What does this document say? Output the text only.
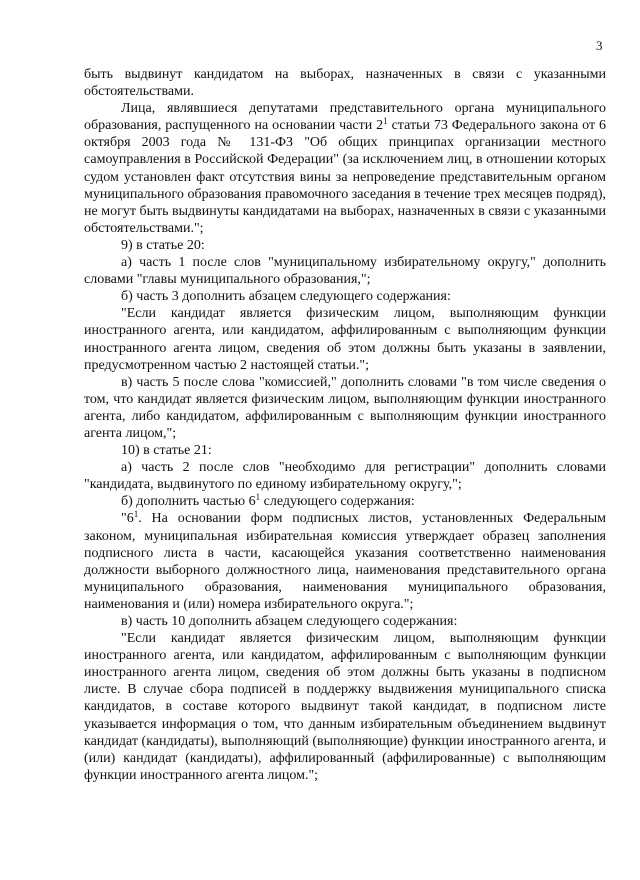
3

быть выдвинут кандидатом на выборах, назначенных в связи с указанными обстоятельствами.

Лица, являвшиеся депутатами представительного органа муниципального образования, распущенного на основании части $2^1$ статьи 73 Федерального закона от 6 октября 2003 года № 131-ФЗ "Об общих принципах организации местного самоуправления в Российской Федерации" (за исключением лиц, в отношении которых судом установлен факт отсутствия вины за непроведение представительным органом муниципального образования правомочного заседания в течение трех месяцев подряд), не могут быть выдвинуты кандидатами на выборах, назначенных в связи с указанными обстоятельствами.";

9) в статье 20:

а) часть 1 после слов "муниципальному избирательному округу," дополнить словами "главы муниципального образования,";

б) часть 3 дополнить абзацем следующего содержания:

"Если кандидат является физическим лицом, выполняющим функции иностранного агента, или кандидатом, аффилированным с выполняющим функции иностранного агента лицом, сведения об этом должны быть указаны в заявлении, предусмотренном частью 2 настоящей статьи.";

в) часть 5 после слова "комиссией," дополнить словами "в том числе сведения о том, что кандидат является физическим лицом, выполняющим функции иностранного агента, либо кандидатом, аффилированным с выполняющим функции иностранного агента лицом,";

10) в статье 21:

а) часть 2 после слов "необходимо для регистрации" дополнить словами "кандидата, выдвинутого по единому избирательному округу,";

б) дополнить частью $6^1$ следующего содержания:

"$6^1$. На основании форм подписных листов, установленных Федеральным законом, муниципальная избирательная комиссия утверждает образец заполнения подписного листа в части, касающейся указания соответственно наименования должности выборного должностного лица, наименования представительного органа муниципального образования, наименования муниципального образования, наименования и (или) номера избирательного округа.";

в) часть 10 дополнить абзацем следующего содержания:

"Если кандидат является физическим лицом, выполняющим функции иностранного агента, или кандидатом, аффилированным с выполняющим функции иностранного агента лицом, сведения об этом должны быть указаны в подписном листе. В случае сбора подписей в поддержку выдвижения муниципального списка кандидатов, в составе которого выдвинут такой кандидат, в подписном листе указывается информация о том, что данным избирательным объединением выдвинут кандидат (кандидаты), выполняющий (выполняющие) функции иностранного агента, и (или) кандидат (кандидаты), аффилированный (аффилированные) с выполняющим функции иностранного агента лицом.";
